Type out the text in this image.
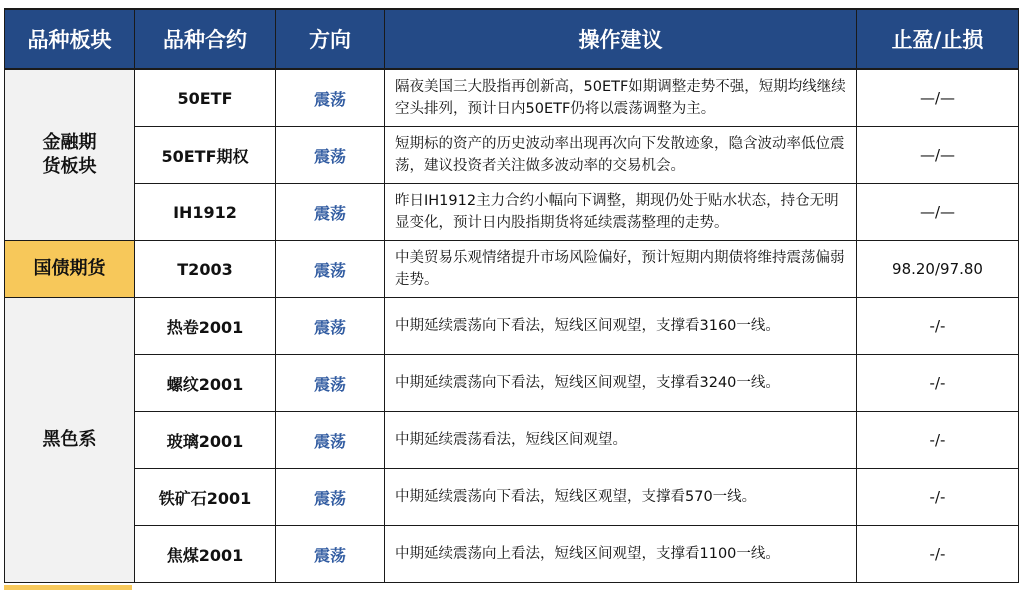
品种板块	品种合约	方向	操作建议	止盈/止损

金融期货板块	50ETF	震荡	隔夜美国三大股指再创新高，50ETF如期调整走势不强，短期均线继续空头排列，预计日内50ETF仍将以震荡调整为主。	—/—
	50ETF期权	震荡	短期标的资产的历史波动率出现再次向下发散迹象，隐含波动率低位震荡，建议投资者关注做多波动率的交易机会。	—/—
	IH1912	震荡	昨日IH1912主力合约小幅向下调整，期现仍处于贴水状态，持仓无明显变化，预计日内股指期货将延续震荡整理的走势。	—/—
国债期货	T2003	震荡	中美贸易乐观情绪提升市场风险偏好，预计短期内期债将维持震荡偏弱走势。	98.20/97.80
黑色系	热卷2001	震荡	中期延续震荡向下看法，短线区间观望，支撑看3160一线。	-/-
	螺纹2001	震荡	中期延续震荡向下看法，短线区间观望，支撑看3240一线。	-/-
	玻璃2001	震荡	中期延续震荡看法，短线区间观望。	-/-
	铁矿石2001	震荡	中期延续震荡向下看法，短线区观望，支撑看570一线。	-/-
	焦煤2001	震荡	中期延续震荡向上看法，短线区间观望，支撑看1100一线。	-/-
